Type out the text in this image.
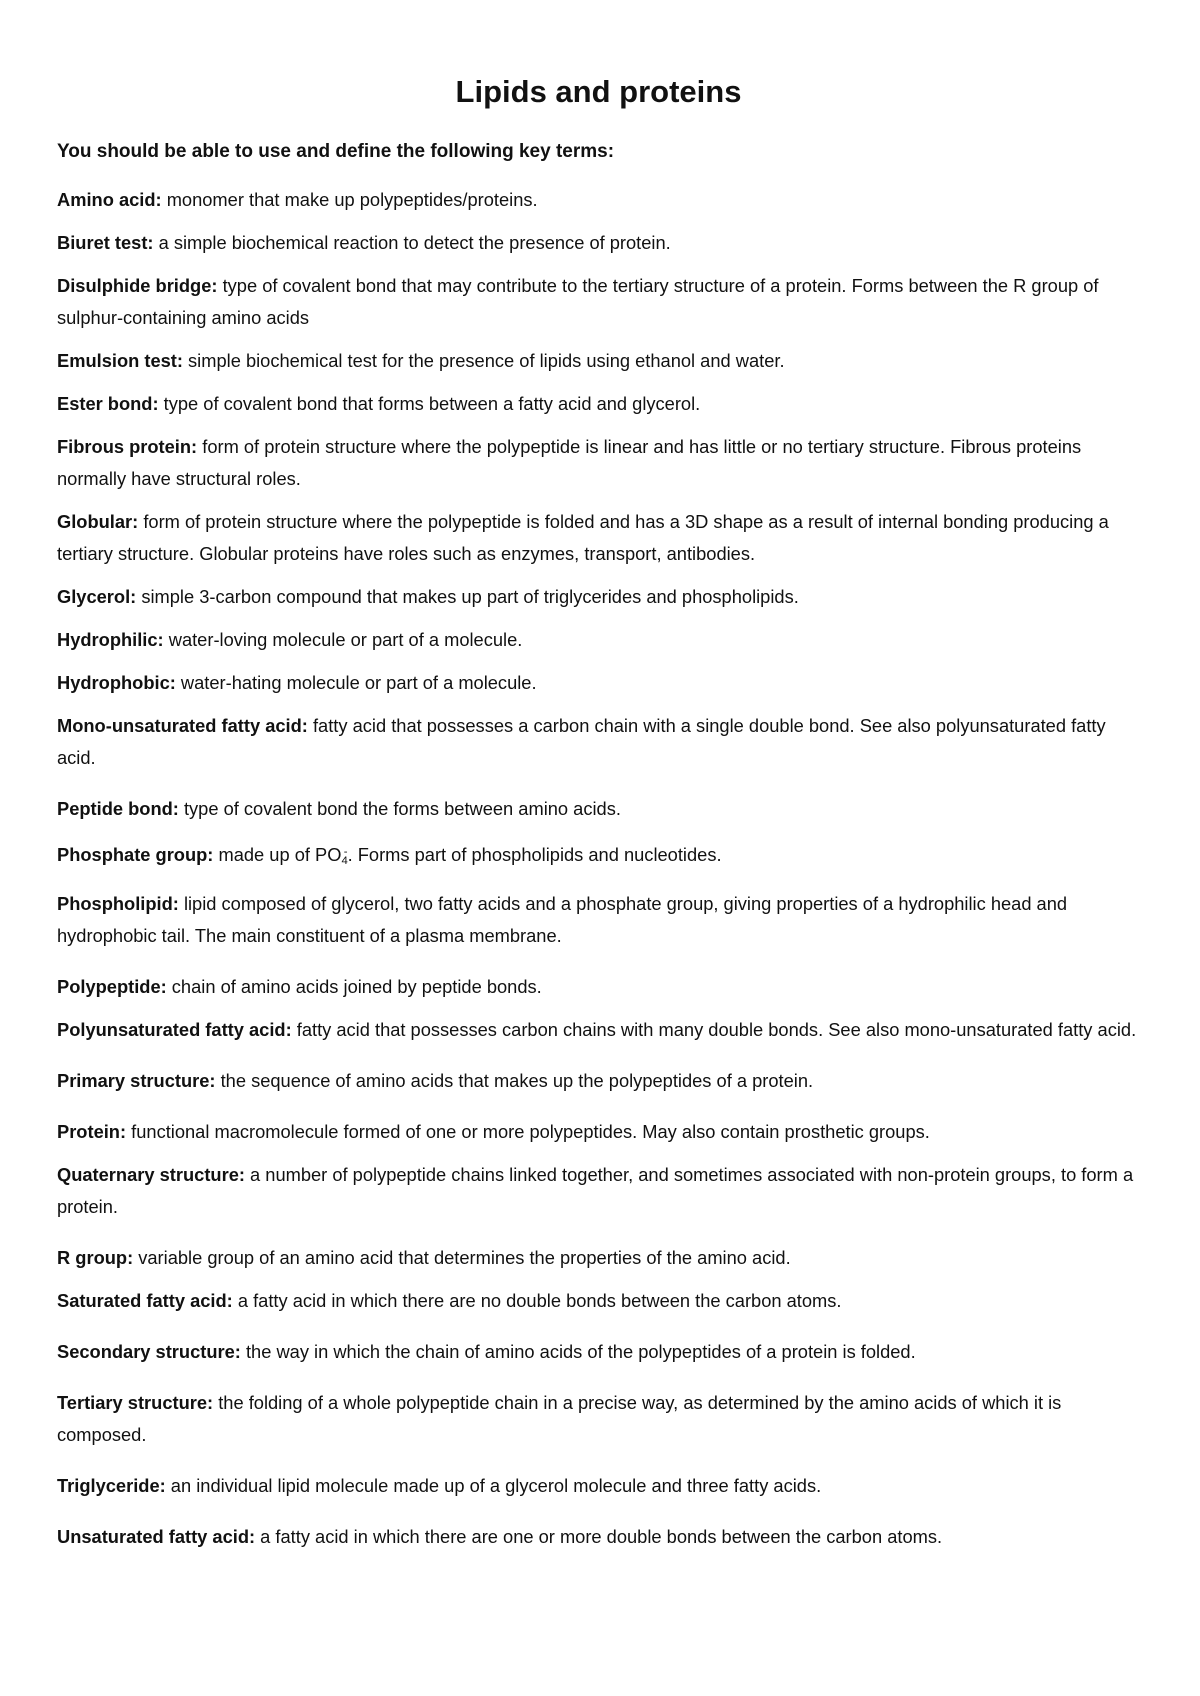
Lipids and proteins

You should be able to use and define the following key terms:

Amino acid: monomer that make up polypeptides/proteins.
Biuret test: a simple biochemical reaction to detect the presence of protein.
Disulphide bridge: type of covalent bond that may contribute to the tertiary structure of a protein. Forms between the R group of sulphur-containing amino acids
Emulsion test: simple biochemical test for the presence of lipids using ethanol and water.
Ester bond: type of covalent bond that forms between a fatty acid and glycerol.
Fibrous protein: form of protein structure where the polypeptide is linear and has little or no tertiary structure. Fibrous proteins normally have structural roles.
Globular: form of protein structure where the polypeptide is folded and has a 3D shape as a result of internal bonding producing a tertiary structure. Globular proteins have roles such as enzymes, transport, antibodies.
Glycerol: simple 3-carbon compound that makes up part of triglycerides and phospholipids.
Hydrophilic: water-loving molecule or part of a molecule.
Hydrophobic: water-hating molecule or part of a molecule.
Mono-unsaturated fatty acid: fatty acid that possesses a carbon chain with a single double bond. See also polyunsaturated fatty acid.
Peptide bond: type of covalent bond the forms between amino acids.
Phosphate group: made up of $PO_4^-$. Forms part of phospholipids and nucleotides.
Phospholipid: lipid composed of glycerol, two fatty acids and a phosphate group, giving properties of a hydrophilic head and hydrophobic tail. The main constituent of a plasma membrane.
Polypeptide: chain of amino acids joined by peptide bonds.
Polyunsaturated fatty acid: fatty acid that possesses carbon chains with many double bonds. See also mono-unsaturated fatty acid.
Primary structure: the sequence of amino acids that makes up the polypeptides of a protein.
Protein: functional macromolecule formed of one or more polypeptides. May also contain prosthetic groups.
Quaternary structure: a number of polypeptide chains linked together, and sometimes associated with non-protein groups, to form a protein.
R group: variable group of an amino acid that determines the properties of the amino acid.
Saturated fatty acid: a fatty acid in which there are no double bonds between the carbon atoms.
Secondary structure: the way in which the chain of amino acids of the polypeptides of a protein is folded.
Tertiary structure: the folding of a whole polypeptide chain in a precise way, as determined by the amino acids of which it is composed.
Triglyceride: an individual lipid molecule made up of a glycerol molecule and three fatty acids.
Unsaturated fatty acid: a fatty acid in which there are one or more double bonds between the carbon atoms.
